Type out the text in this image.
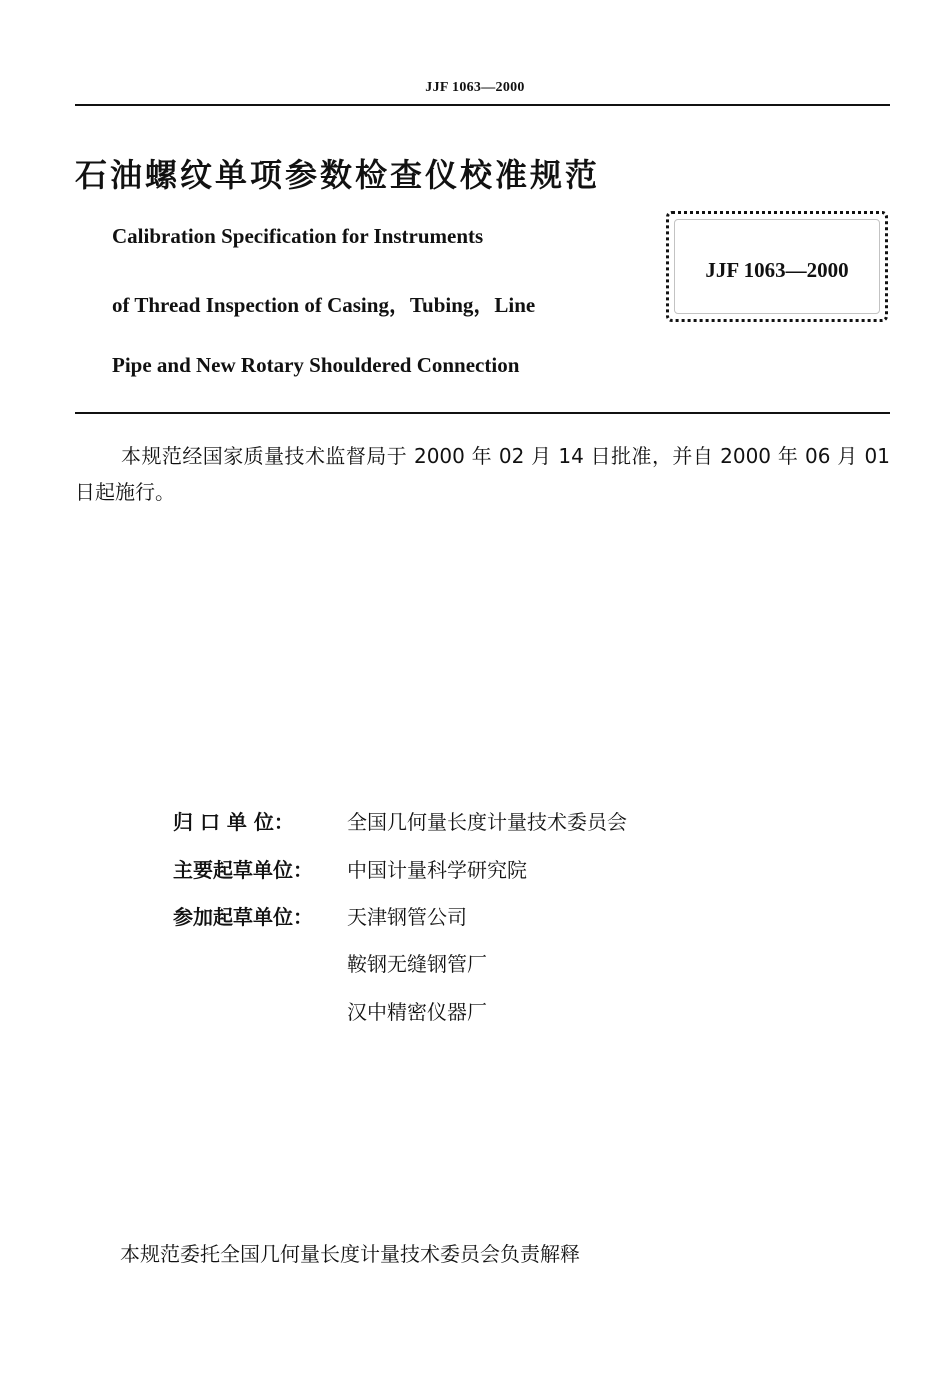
JJF 1063—2000
石油螺纹单项参数检查仪校准规范
Calibration Specification for Instruments
of Thread Inspection of Casing，Tubing，Line
Pipe and New Rotary Shouldered Connection
JJF 1063—2000
本规范经国家质量技术监督局于 2000 年 02 月 14 日批准，并自 2000 年 06 月 01 日起施行。
归 口 单 位：	全国几何量长度计量技术委员会
主要起草单位： 中国计量科学研究院
参加起草单位： 天津钢管公司
鞍钢无缝钢管厂
汉中精密仪器厂
本规范委托全国几何量长度计量技术委员会负责解释
